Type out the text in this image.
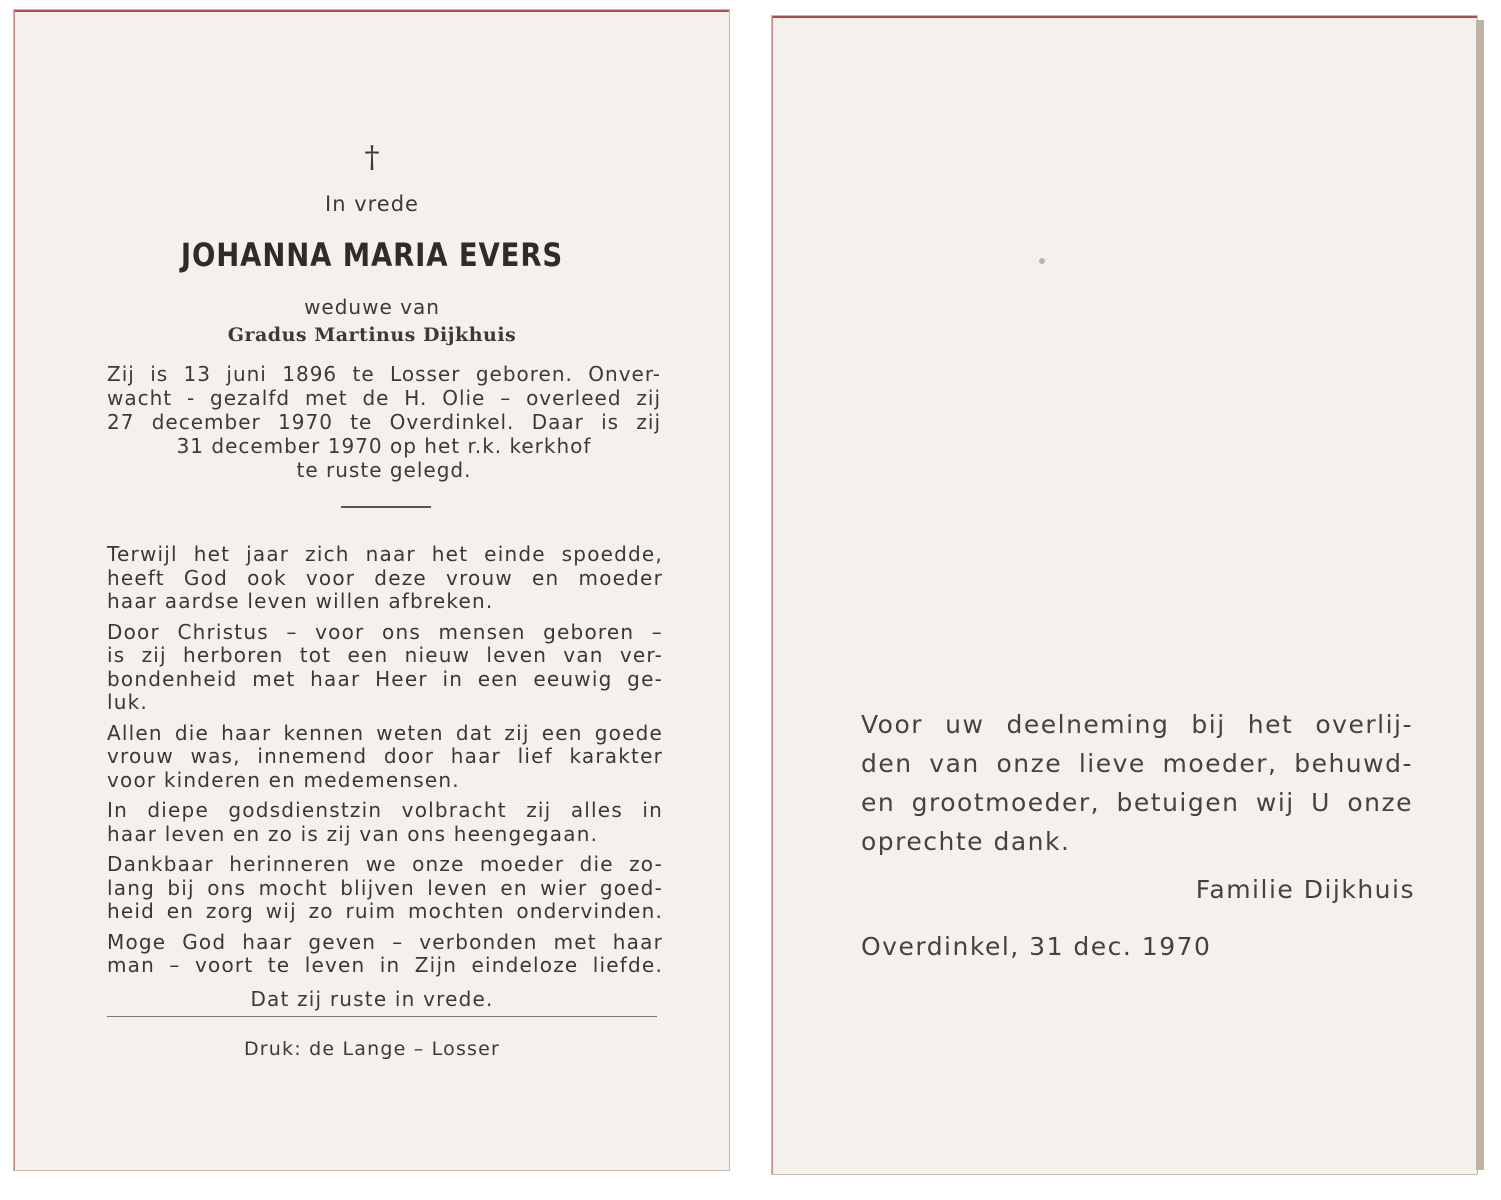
†
In vrede
JOHANNA MARIA EVERS
weduwe van
Gradus Martinus Dijkhuis
Zij is 13 juni 1896 te Losser geboren. Onver-
wacht - gezalfd met de H. Olie – overleed zij
27 december 1970 te Overdinkel. Daar is zij
31 december 1970 op het r.k. kerkhof
te ruste gelegd.

Terwijl het jaar zich naar het einde spoedde,
heeft God ook voor deze vrouw en moeder
haar aardse leven willen afbreken.

Door Christus – voor ons mensen geboren –
is zij herboren tot een nieuw leven van ver-
bondenheid met haar Heer in een eeuwig ge-
luk.

Allen die haar kennen weten dat zij een goede
vrouw was, innemend door haar lief karakter
voor kinderen en medemensen.

In diepe godsdienstzin volbracht zij alles in
haar leven en zo is zij van ons heengegaan.

Dankbaar herinneren we onze moeder die zo-
lang bij ons mocht blijven leven en wier goed-
heid en zorg wij zo ruim mochten ondervinden.

Moge God haar geven – verbonden met haar
man – voort te leven in Zijn eindeloze liefde.

Dat zij ruste in vrede.
Druk: de Lange – Losser
Voor uw deelneming bij het overlij-
den van onze lieve moeder, behuwd-
en grootmoeder, betuigen wij U onze
oprechte dank.
Familie Dijkhuis
Overdinkel, 31 dec. 1970
